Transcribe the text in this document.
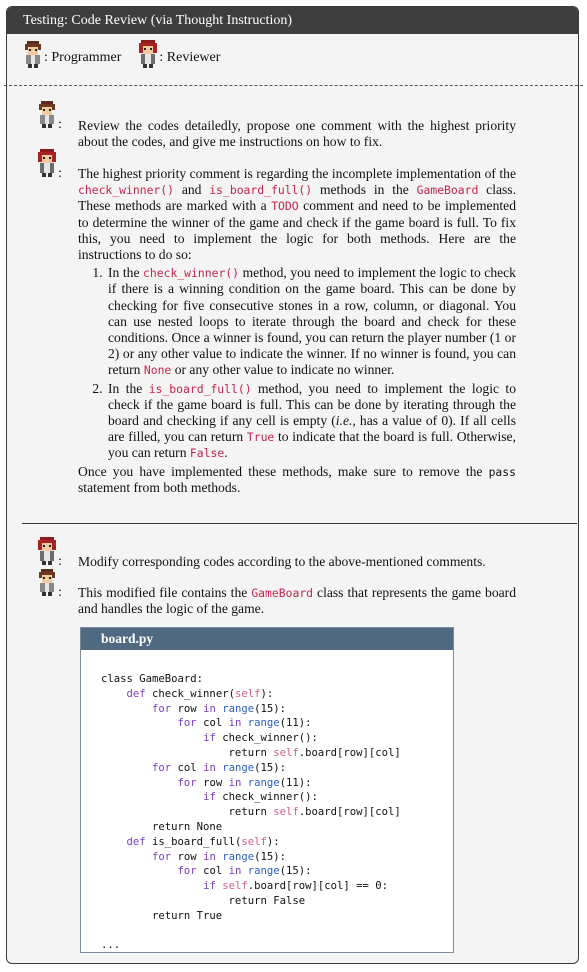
Testing: Code Review (via Thought Instruction)
: Programmer	: Reviewer
: Review the codes detailedly, propose one comment with the highest priority about the codes, and give me instructions on how to fix.
: The highest priority comment is regarding the incomplete implementation of the check_winner() and is_board_full() methods in the GameBoard class. These methods are marked with a TODO comment and need to be implemented to determine the winner of the game and check if the game board is full. To fix this, you need to implement the logic for both methods. Here are the instructions to do so:
1. In the check_winner() method, you need to implement the logic to check if there is a winning condition on the game board. This can be done by checking for five consecutive stones in a row, column, or diagonal. You can use nested loops to iterate through the board and check for these conditions. Once a winner is found, you can return the player number (1 or 2) or any other value to indicate the winner. If no winner is found, you can return None or any other value to indicate no winner.
2. In the is_board_full() method, you need to implement the logic to check if the game board is full. This can be done by iterating through the board and checking if any cell is empty (i.e., has a value of 0). If all cells are filled, you can return True to indicate that the board is full. Otherwise, you can return False.
Once you have implemented these methods, make sure to remove the pass statement from both methods.
: Modify corresponding codes according to the above-mentioned comments.
: This modified file contains the GameBoard class that represents the game board and handles the logic of the game.
board.py
class GameBoard:
def check_winner(self):
for row in range(15):
for col in range(11):
if check_winner():
return self.board[row][col]
for col in range(15):
for row in range(11):
if check_winner():
return self.board[row][col]
return None
def is_board_full(self):
for row in range(15):
for col in range(15):
if self.board[row][col] == 0:
return False
return True

...
